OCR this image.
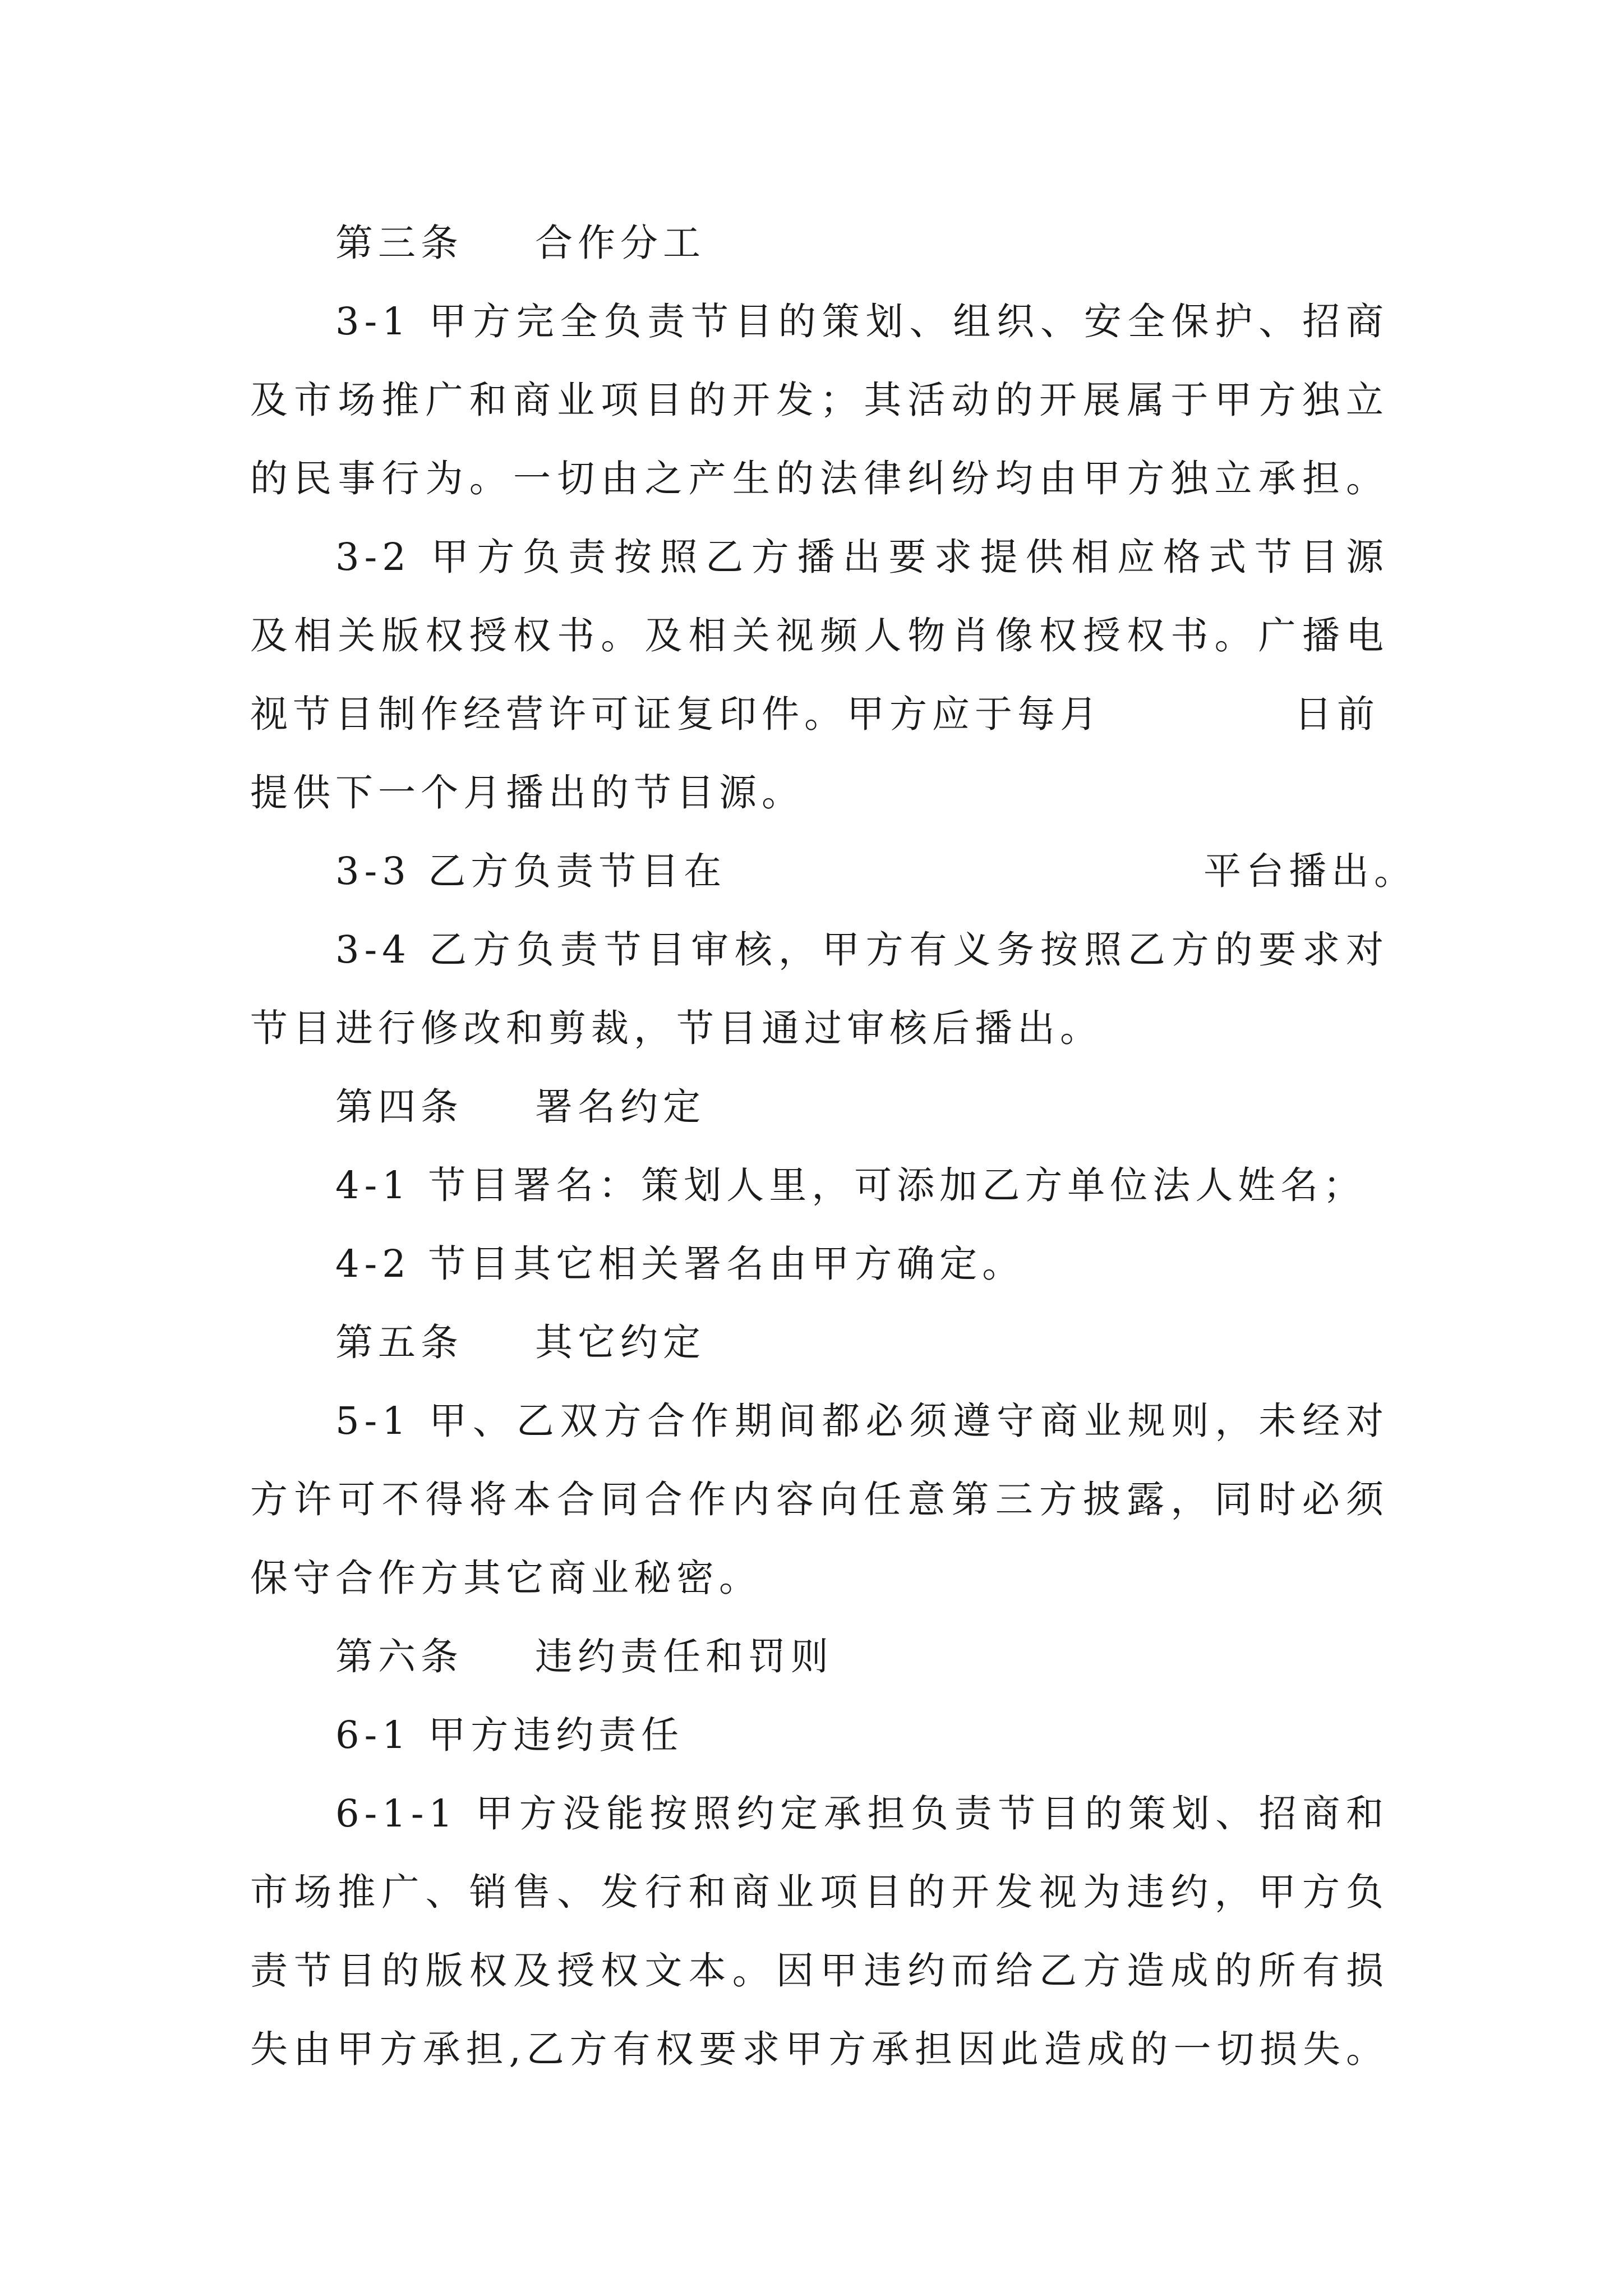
第三条 合作分工
3-1 甲方完全负责节目的策划、组织、安全保护、招商
及市场推广和商业项目的开发；其活动的开展属于甲方独立
的民事行为。一切由之产生的法律纠纷均由甲方独立承担。
3-2 甲方负责按照乙方播出要求提供相应格式节目源
及相关版权授权书。及相关视频人物肖像权授权书。广播电
视节目制作经营许可证复印件。甲方应于每月	日前
提供下一个月播出的节目源。
3-3 乙方负责节目在	平台播出。
3-4 乙方负责节目审核，甲方有义务按照乙方的要求对
节目进行修改和剪裁，节目通过审核后播出。
第四条 署名约定
4-1 节目署名：策划人里，可添加乙方单位法人姓名；
4-2 节目其它相关署名由甲方确定。
第五条 其它约定
5-1 甲、乙双方合作期间都必须遵守商业规则，未经对
方许可不得将本合同合作内容向任意第三方披露，同时必须
保守合作方其它商业秘密。
第六条 违约责任和罚则
6-1 甲方违约责任
6-1-1 甲方没能按照约定承担负责节目的策划、招商和
市场推广、销售、发行和商业项目的开发视为违约，甲方负
责节目的版权及授权文本。因甲违约而给乙方造成的所有损
失由甲方承担,乙方有权要求甲方承担因此造成的一切损失。
